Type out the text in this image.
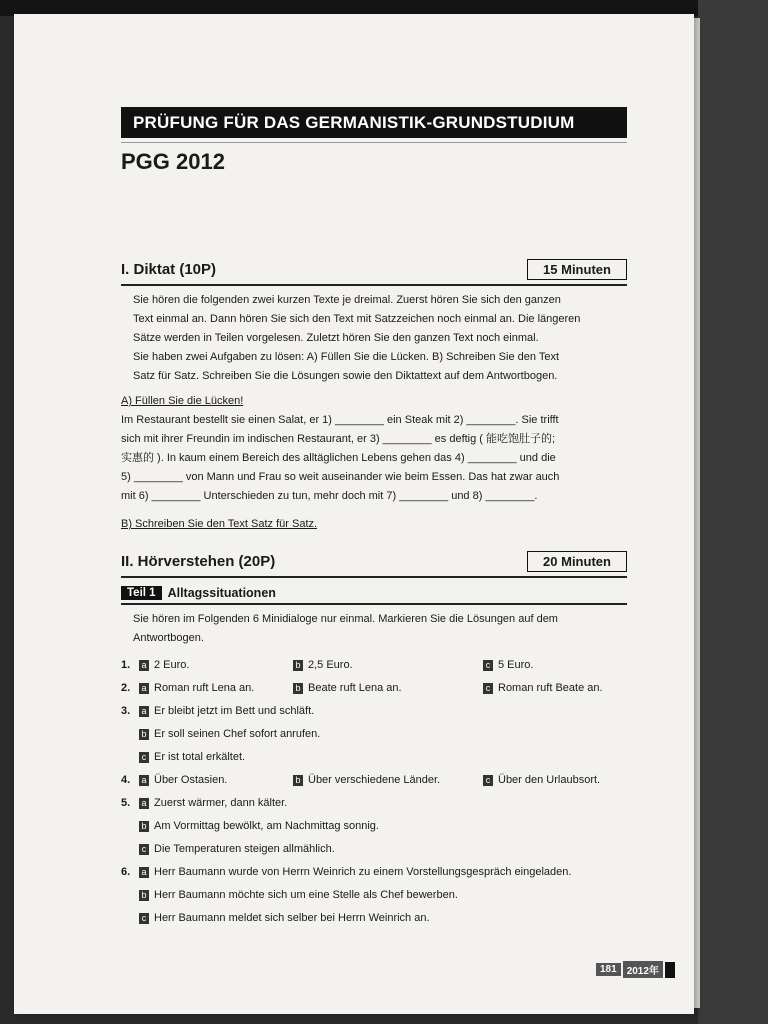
PRÜFUNG FÜR DAS GERMANISTIK-GRUNDSTUDIUM
PGG 2012
I. Diktat (10P)	15 Minuten
Sie hören die folgenden zwei kurzen Texte je dreimal. Zuerst hören Sie sich den ganzen
Text einmal an. Dann hören Sie sich den Text mit Satzzeichen noch einmal an. Die längeren
Sätze werden in Teilen vorgelesen. Zuletzt hören Sie den ganzen Text noch einmal.
Sie haben zwei Aufgaben zu lösen: A) Füllen Sie die Lücken. B) Schreiben Sie den Text
Satz für Satz. Schreiben Sie die Lösungen sowie den Diktattext auf dem Antwortbogen.
A) Füllen Sie die Lücken!
Im Restaurant bestellt sie einen Salat, er 1) ________ ein Steak mit 2) ________. Sie trifft
sich mit ihrer Freundin im indischen Restaurant, er 3) ________ es deftig ( 能吃饱肚子的;
实惠的 ). In kaum einem Bereich des alltäglichen Lebens gehen das 4) ________ und die
5) ________ von Mann und Frau so weit auseinander wie beim Essen. Das hat zwar auch
mit 6) ________ Unterschieden zu tun, mehr doch mit 7) ________ und 8) ________.
B) Schreiben Sie den Text Satz für Satz.
II. Hörverstehen (20P)	20 Minuten
Teil 1 Alltagssituationen
Sie hören im Folgenden 6 Minidialoge nur einmal. Markieren Sie die Lösungen auf dem
Antwortbogen.
1.	a 2 Euro.	b 2,5 Euro.	c 5 Euro.
2.	a Roman ruft Lena an.	b Beate ruft Lena an.	c Roman ruft Beate an.
3.	a Er bleibt jetzt im Bett und schläft.
b Er soll seinen Chef sofort anrufen.
c Er ist total erkältet.
4.	a Über Ostasien.	b Über verschiedene Länder.	c Über den Urlaubsort.
5.	a Zuerst wärmer, dann kälter.
b Am Vormittag bewölkt, am Nachmittag sonnig.
c Die Temperaturen steigen allmählich.
6.	a Herr Baumann wurde von Herrn Weinrich zu einem Vorstellungsgespräch eingeladen.
b Herr Baumann möchte sich um eine Stelle als Chef bewerben.
c Herr Baumann meldet sich selber bei Herrn Weinrich an.
181	2012年
